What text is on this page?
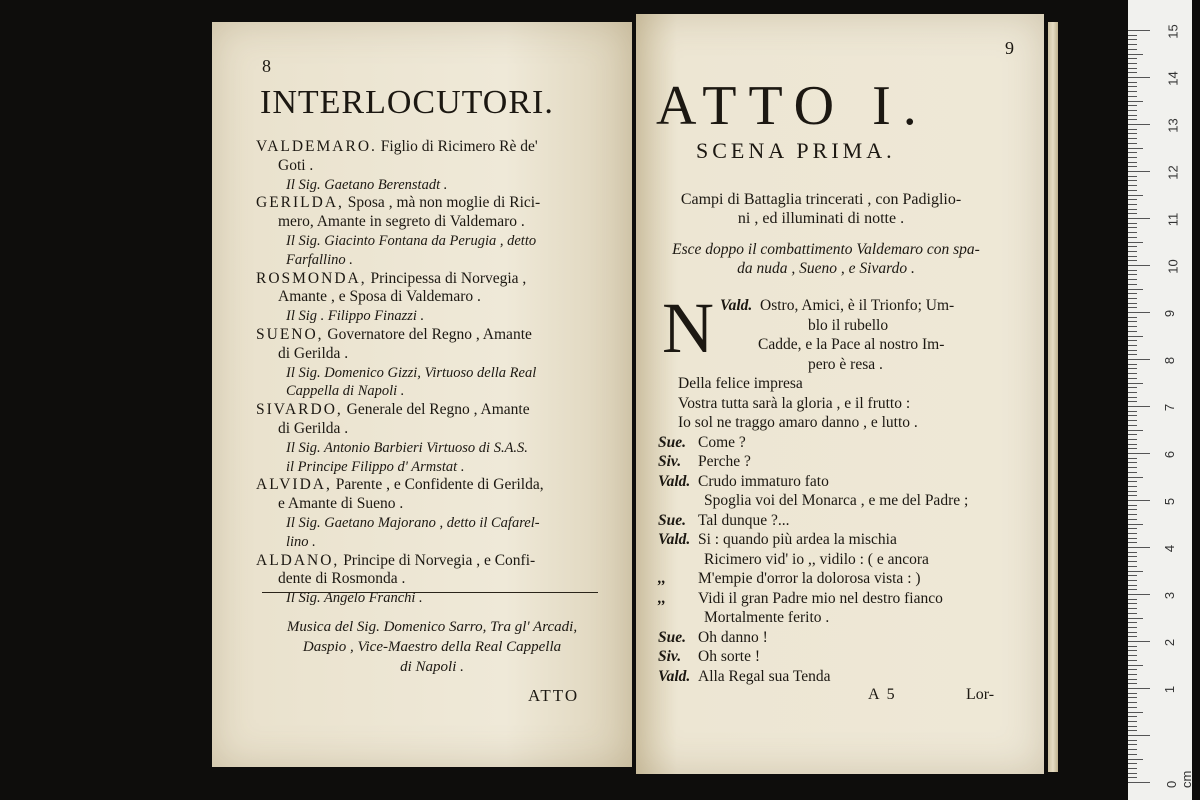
8
INTERLOCUTORI.

VALDEMARO. Figlio di Ricimero Rè de'

Goti .

Il Sig. Gaetano Berenstadt .

GERILDA, Sposa , mà non moglie di Rici-

mero, Amante in segreto di Valdemaro .

Il Sig. Giacinto Fontana da Perugia , detto

Farfallino .

ROSMONDA, Principessa di Norvegia ,

Amante , e Sposa di Valdemaro .

Il Sig . Filippo Finazzi .

SUENO, Governatore del Regno , Amante

di Gerilda .

Il Sig. Domenico Gizzi, Virtuoso della Real

Cappella di Napoli .

SIVARDO, Generale del Regno , Amante

di Gerilda .

Il Sig. Antonio Barbieri Virtuoso di S.A.S.

il Principe Filippo d' Armstat .

ALVIDA, Parente , e Confidente di Gerilda,

e Amante di Sueno .

Il Sig. Gaetano Majorano , detto il Cafarel-

lino .

ALDANO, Principe di Norvegia , e Confi-

dente di Rosmonda .

Il Sig. Angelo Franchi .

Musica del Sig. Domenico Sarro, Tra gl' Arcadi,
Daspio , Vice-Maestro della Real Cappella
di Napoli .
ATTO
9
ATTO I.
SCENA PRIMA.
Campi di Battaglia trincerati , con Padiglio-
ni , ed illuminati di notte .
Esce doppo il combattimento Valdemaro con spa-
da nuda , Sueno , e Sivardo .
Vald.
N	Ostro, Amici, è il Trionfo; Um-
blo il rubello
Cadde, e la Pace al nostro Im-
pero è resa .
Della felice impresa
Vostra tutta sarà la gloria , e il frutto :
Io sol ne traggo amaro danno , e lutto .
Sue. Come ?
Siv. Perche ?
Vald. Crudo immaturo fato
Spoglia voi del Monarca , e me del Padre ;
Sue. Tal dunque ?...
Vald. Si : quando più ardea la mischia
Ricimero vid' io ,, vidilo : ( e ancora
,, M'empie d'orror la dolorosa vista : )
,, Vidi il gran Padre mio nel destro fianco
Mortalmente ferito .
Sue. Oh danno !
Siv. Oh sorte !
Vald. Alla Regal sua Tenda
A 5	Lor-
0 cm
15
14
13
12
11
10
9
8
7
6
5
4
3
2
1
